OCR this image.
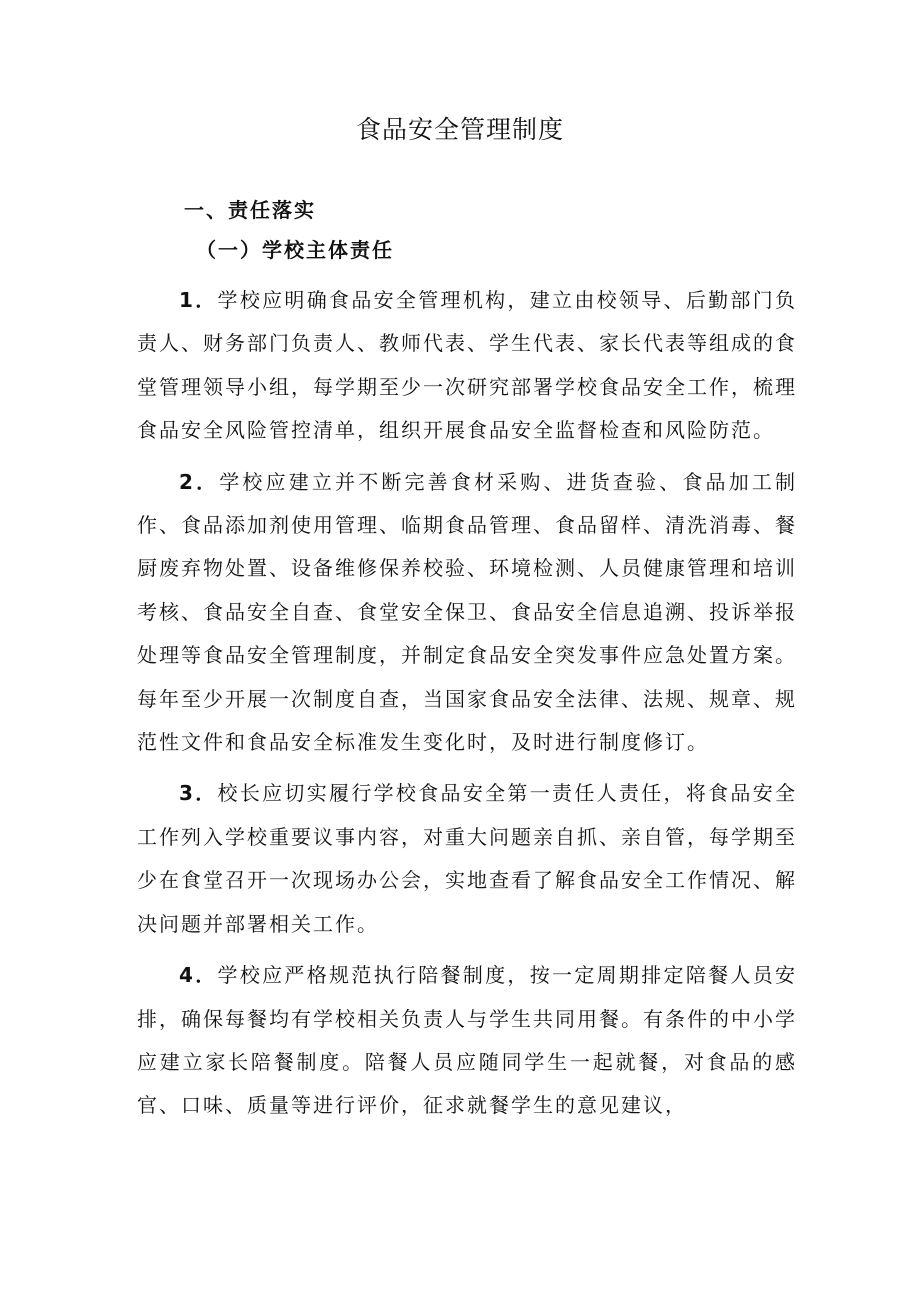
食品安全管理制度
一、责任落实
（一）学校主体责任

1．学校应明确食品安全管理机构，建立由校领导、后勤部门负责人、财务部门负责人、教师代表、学生代表、家长代表等组成的食堂管理领导小组，每学期至少一次研究部署学校食品安全工作，梳理食品安全风险管控清单，组织开展食品安全监督检查和风险防范。

2．学校应建立并不断完善食材采购、进货查验、食品加工制作、食品添加剂使用管理、临期食品管理、食品留样、清洗消毒、餐厨废弃物处置、设备维修保养校验、环境检测、人员健康管理和培训考核、食品安全自查、食堂安全保卫、食品安全信息追溯、投诉举报处理等食品安全管理制度，并制定食品安全突发事件应急处置方案。每年至少开展一次制度自查，当国家食品安全法律、法规、规章、规范性文件和食品安全标准发生变化时，及时进行制度修订。

3．校长应切实履行学校食品安全第一责任人责任，将食品安全工作列入学校重要议事内容，对重大问题亲自抓、亲自管，每学期至少在食堂召开一次现场办公会，实地查看了解食品安全工作情况、解决问题并部署相关工作。

4．学校应严格规范执行陪餐制度，按一定周期排定陪餐人员安排，确保每餐均有学校相关负责人与学生共同用餐。有条件的中小学应建立家长陪餐制度。陪餐人员应随同学生一起就餐，对食品的感官、口味、质量等进行评价，征求就餐学生的意见建议，
